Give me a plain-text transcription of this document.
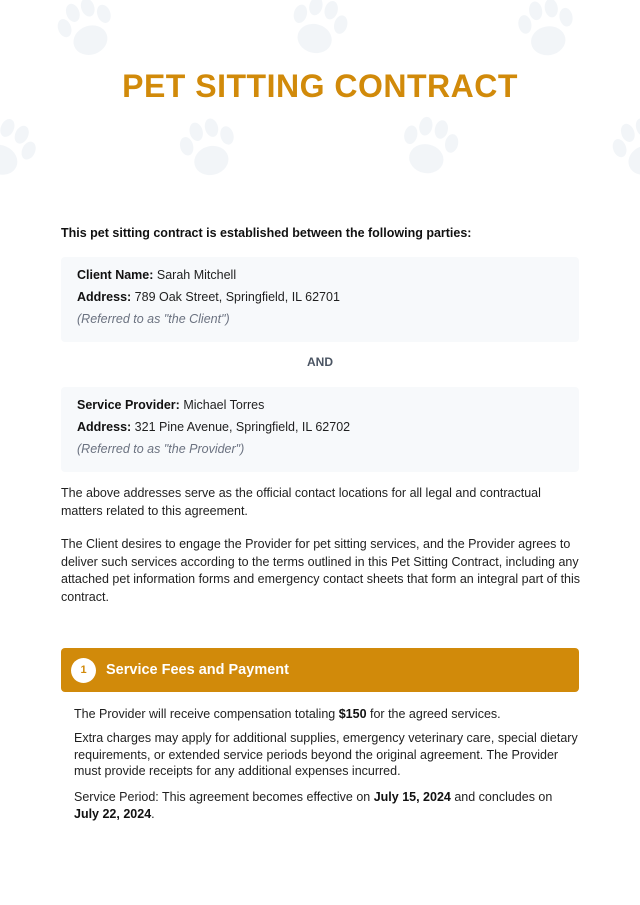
PET SITTING CONTRACT
This pet sitting contract is established between the following parties:
Client Name: Sarah Mitchell
Address: 789 Oak Street, Springfield, IL 62701
(Referred to as "the Client")
AND
Service Provider: Michael Torres
Address: 321 Pine Avenue, Springfield, IL 62702
(Referred to as "the Provider")

The above addresses serve as the official contact locations for all legal and contractual matters related to this agreement.

The Client desires to engage the Provider for pet sitting services, and the Provider agrees to deliver such services according to the terms outlined in this Pet Sitting Contract, including any attached pet information forms and emergency contact sheets that form an integral part of this contract.

1	Service Fees and Payment

The Provider will receive compensation totaling $150 for the agreed services.

Extra charges may apply for additional supplies, emergency veterinary care, special dietary requirements, or extended service periods beyond the original agreement. The Provider must provide receipts for any additional expenses incurred.

Service Period: This agreement becomes effective on July 15, 2024 and concludes on July 22, 2024.
